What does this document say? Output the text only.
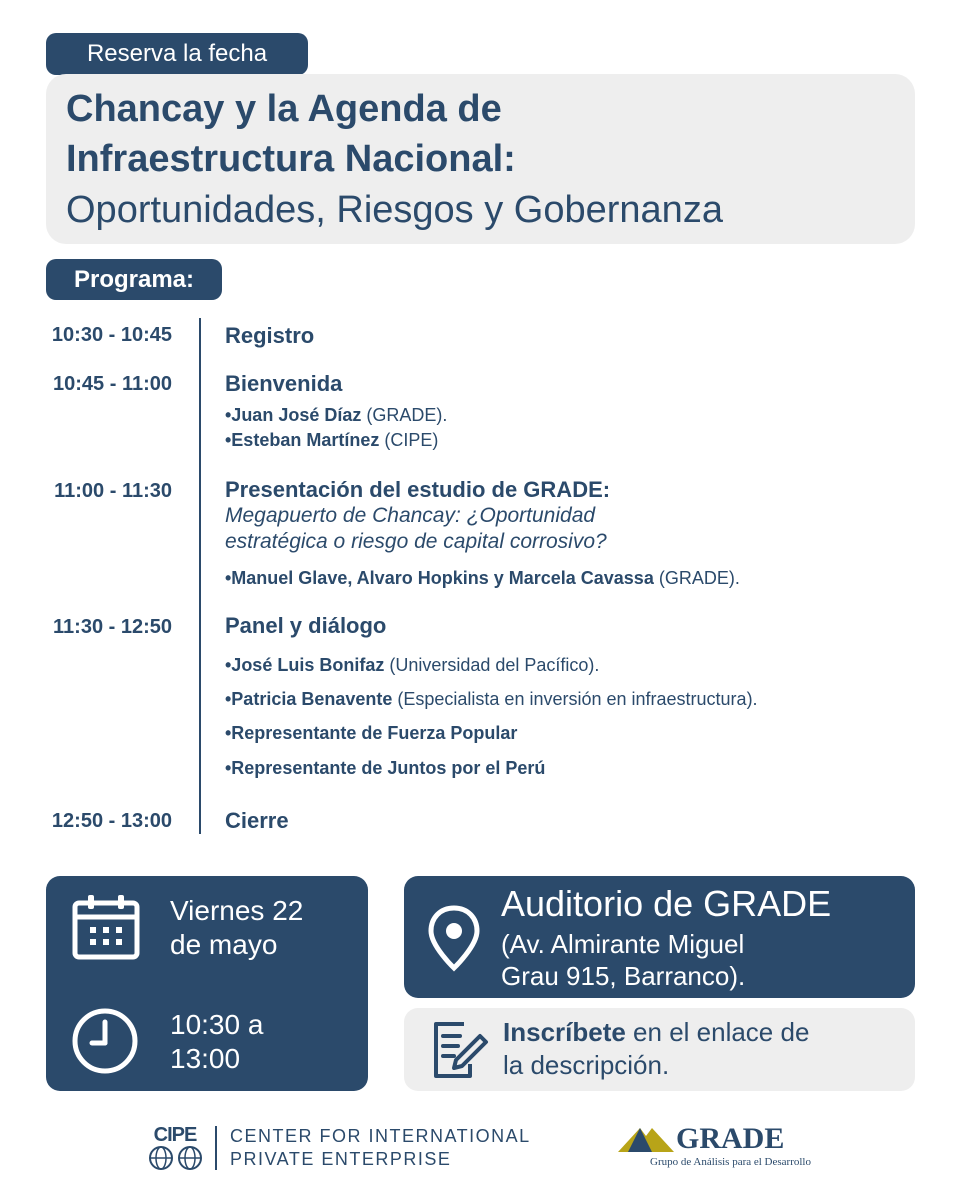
Reserva la fecha
Chancay y la Agenda de
Infraestructura Nacional:
Oportunidades, Riesgos y Gobernanza
Programa:
10:30 - 10:45 Registro
10:45 - 11:00 Bienvenida
•Juan José Díaz (GRADE).
•Esteban Martínez (CIPE)
11:00 - 11:30 Presentación del estudio de GRADE:
Megapuerto de Chancay: ¿Oportunidad
estratégica o riesgo de capital corrosivo?
•Manuel Glave, Alvaro Hopkins y Marcela Cavassa (GRADE).
11:30 - 12:50 Panel y diálogo
•José Luis Bonifaz (Universidad del Pacífico).
•Patricia Benavente (Especialista en inversión en infraestructura).
•Representante de Fuerza Popular
•Representante de Juntos por el Perú
12:50 - 13:00 Cierre
Viernes 22
de mayo
10:30 a
13:00
Auditorio de GRADE
(Av. Almirante Miguel
Grau 915, Barranco).
Inscríbete en el enlace de
la descripción.
CIPE	CENTER FOR INTERNATIONAL
PRIVATE ENTERPRISE
GRADE
Grupo de Análisis para el Desarrollo
